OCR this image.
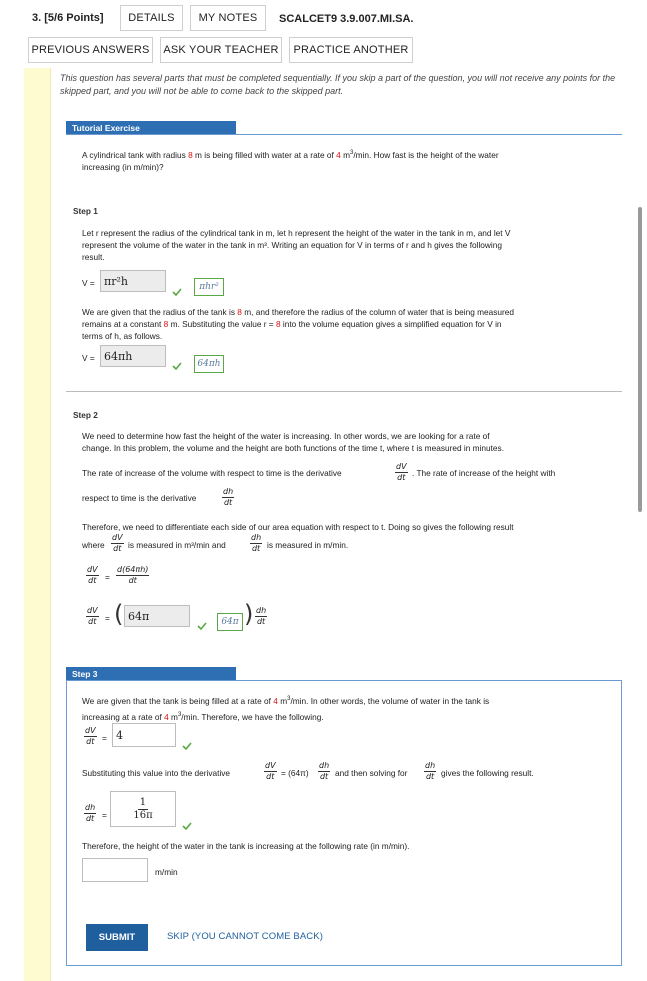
3. [5/6 Points]	DETAILS	MY NOTES	SCALCET9 3.9.007.MI.SA.
PREVIOUS ANSWERS	ASK YOUR TEACHER	PRACTICE ANOTHER
This question has several parts that must be completed sequentially. If you skip a part of the question, you will not receive any points for the skipped part, and you will not be able to come back to the skipped part.
Tutorial Exercise
A cylindrical tank with radius 8 m is being filled with water at a rate of 4 $m^3/\min$. How fast is the height of the water
increasing (in m/min)?
Step 1
Let r represent the radius of the cylindrical tank in m, let h represent the height of the water in the tank in m, and let V
represent the volume of the water in the tank in m³. Writing an equation for V in terms of r and h gives the following
result.
V = πr²h	πhr²
We are given that the radius of the tank is 8 m, and therefore the radius of the column of water that is being measured
remains at a constant 8 m. Substituting the value r = 8 into the volume equation gives a simplified equation for V in
terms of h, as follows.
V = 64πh
64πh
Step 2
We need to determine how fast the height of the water is increasing. In other words, we are looking for a rate of
change. In this problem, the volume and the height are both functions of the time t, where t is measured in minutes.
The rate of increase of the volume with respect to time is the derivative	$\frac{dV}{dt}$ . The rate of increase of the height with
respect to time is the derivative	$\frac{dh}{dt}$
Therefore, we need to differentiate each side of our area equation with respect to t. Doing so gives the following result
where $\frac{dV}{dt}$ is measured in m³/min and	$\frac{dh}{dt}$ is measured in m/min.
$\frac{dV}{dt} = \frac{d(64\pi h)}{dt}$
$\frac{dV}{dt}$ = ( 64π	64π ) $\frac{dh}{dt}$
Step 3
We are given that the tank is being filled at a rate of 4 $m^3/\min$. In other words, the volume of water in the tank is
increasing at a rate of 4 $m^3/\min$. Therefore, we have the following.
$\frac{dV}{dt} = 4$
Substituting this value into the derivative	$\frac{dV}{dt} = (64\pi) \frac{dh}{dt}$ and then solving for $\frac{dh}{dt}$ gives the following result.
$\frac{dh}{dt}$ =	$\frac{1}{16\pi}$
Therefore, the height of the water in the tank is increasing at the following rate (in m/min).
m/min
SUBMIT	SKIP (YOU CANNOT COME BACK)
